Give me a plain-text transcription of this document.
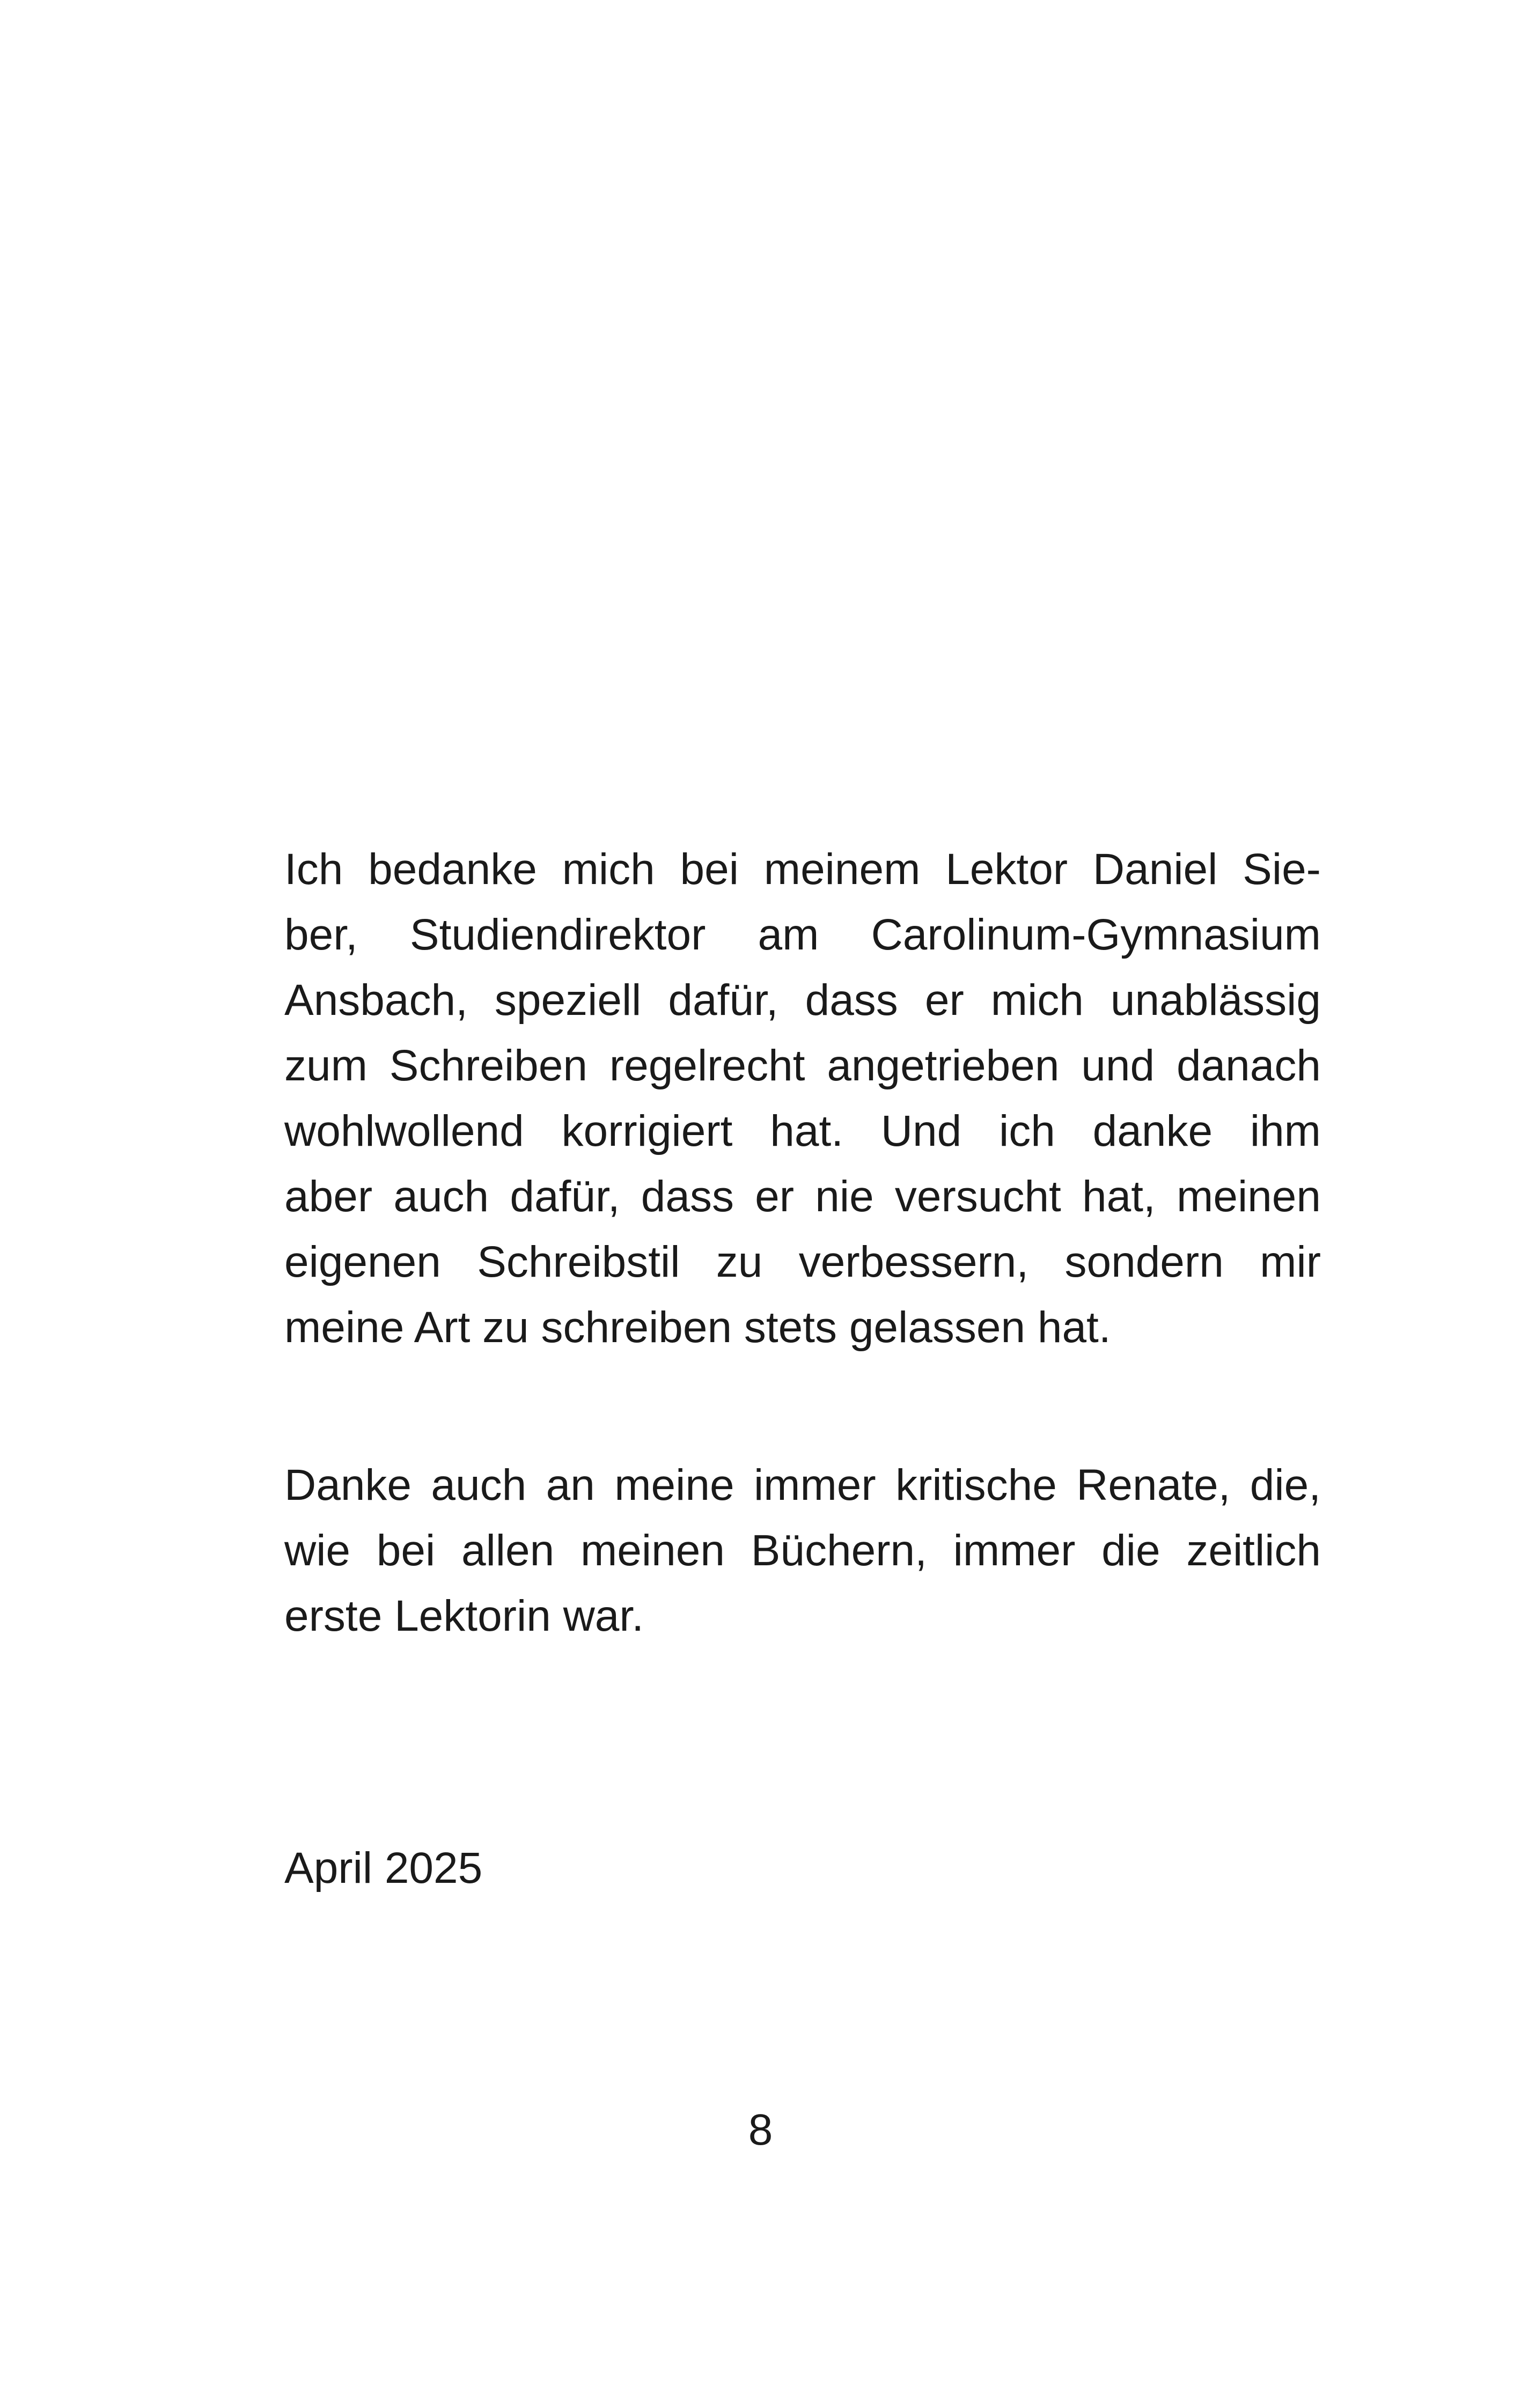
Ich bedanke mich bei meinem Lektor Daniel Sie-
ber, Studiendirektor am Carolinum-Gymnasium
Ansbach, speziell dafür, dass er mich unablässig
zum Schreiben regelrecht angetrieben und danach
wohlwollend korrigiert hat. Und ich danke ihm
aber auch dafür, dass er nie versucht hat, meinen
eigenen Schreibstil zu verbessern, sondern mir
meine Art zu schreiben stets gelassen hat.
Danke auch an meine immer kritische Renate, die,
wie bei allen meinen Büchern, immer die zeitlich
erste Lektorin war.

April 2025

8
